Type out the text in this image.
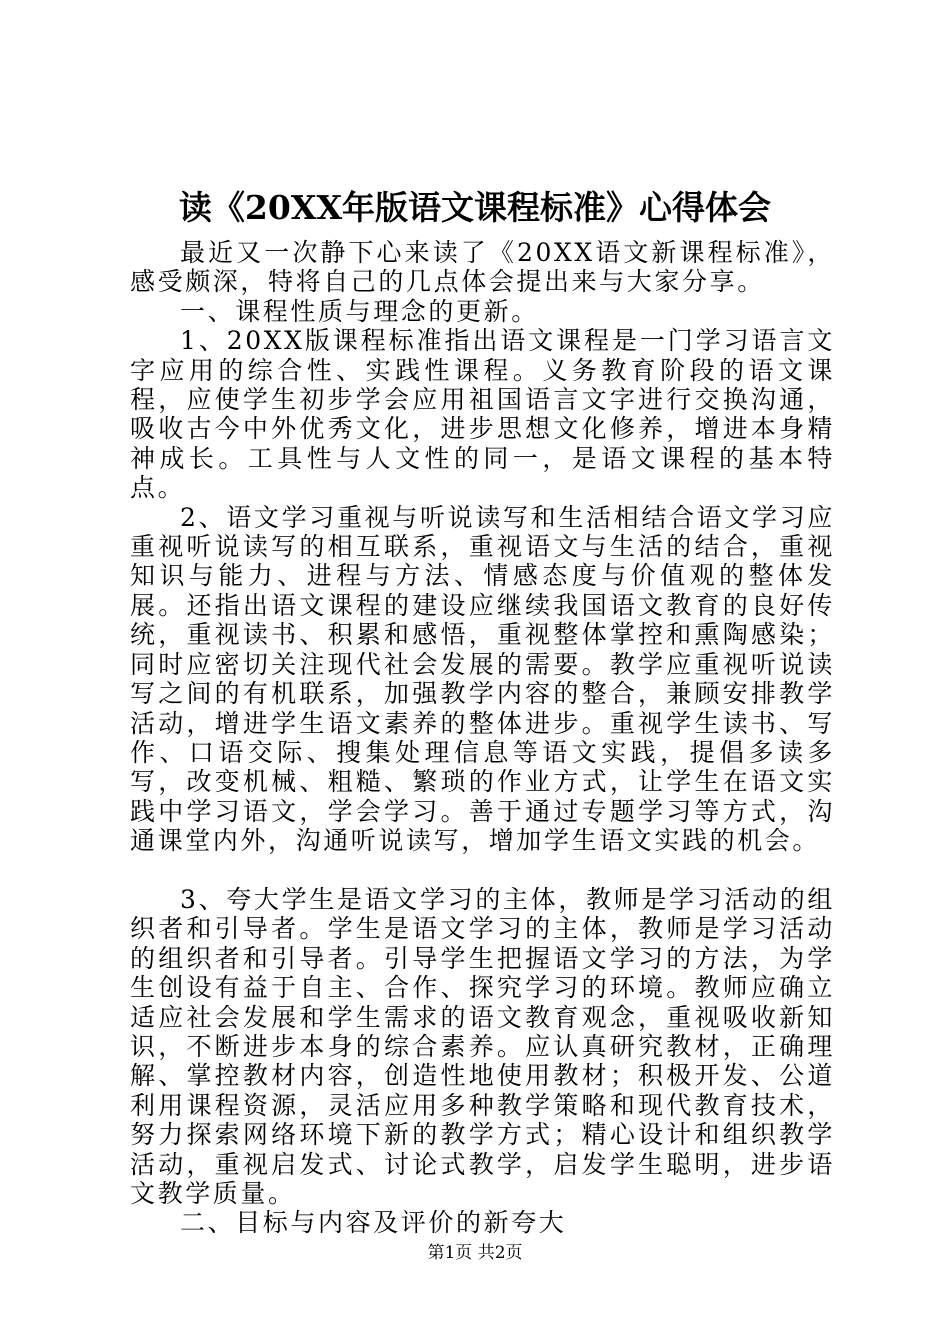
读《20XX年版语文课程标准》心得体会

最近又一次静下心来读了《20XX语文新课程标准》，感受颇深，特将自己的几点体会提出来与大家分享。

一、课程性质与理念的更新。

1、20XX版课程标准指出语文课程是一门学习语言文字应用的综合性、实践性课程。义务教育阶段的语文课程，应使学生初步学会应用祖国语言文字进行交换沟通，吸收古今中外优秀文化，进步思想文化修养，增进本身精神成长。工具性与人文性的同一，是语文课程的基本特点。

2、语文学习重视与听说读写和生活相结合语文学习应重视听说读写的相互联系，重视语文与生活的结合，重视知识与能力、进程与方法、情感态度与价值观的整体发展。还指出语文课程的建设应继续我国语文教育的良好传统，重视读书、积累和感悟，重视整体掌控和熏陶感染；同时应密切关注现代社会发展的需要。教学应重视听说读写之间的有机联系，加强教学内容的整合，兼顾安排教学活动，增进学生语文素养的整体进步。重视学生读书、写作、口语交际、搜集处理信息等语文实践，提倡多读多写，改变机械、粗糙、繁琐的作业方式，让学生在语文实践中学习语文，学会学习。善于通过专题学习等方式，沟通课堂内外，沟通听说读写，增加学生语文实践的机会。

3、夸大学生是语文学习的主体，教师是学习活动的组织者和引导者。学生是语文学习的主体，教师是学习活动的组织者和引导者。引导学生把握语文学习的方法，为学生创设有益于自主、合作、探究学习的环境。教师应确立适应社会发展和学生需求的语文教育观念，重视吸收新知识，不断进步本身的综合素养。应认真研究教材，正确理解、掌控教材内容，创造性地使用教材；积极开发、公道利用课程资源，灵活应用多种教学策略和现代教育技术，努力探索网络环境下新的教学方式；精心设计和组织教学活动，重视启发式、讨论式教学，启发学生聪明，进步语文教学质量。

二、目标与内容及评价的新夸大

第1页 共2页
